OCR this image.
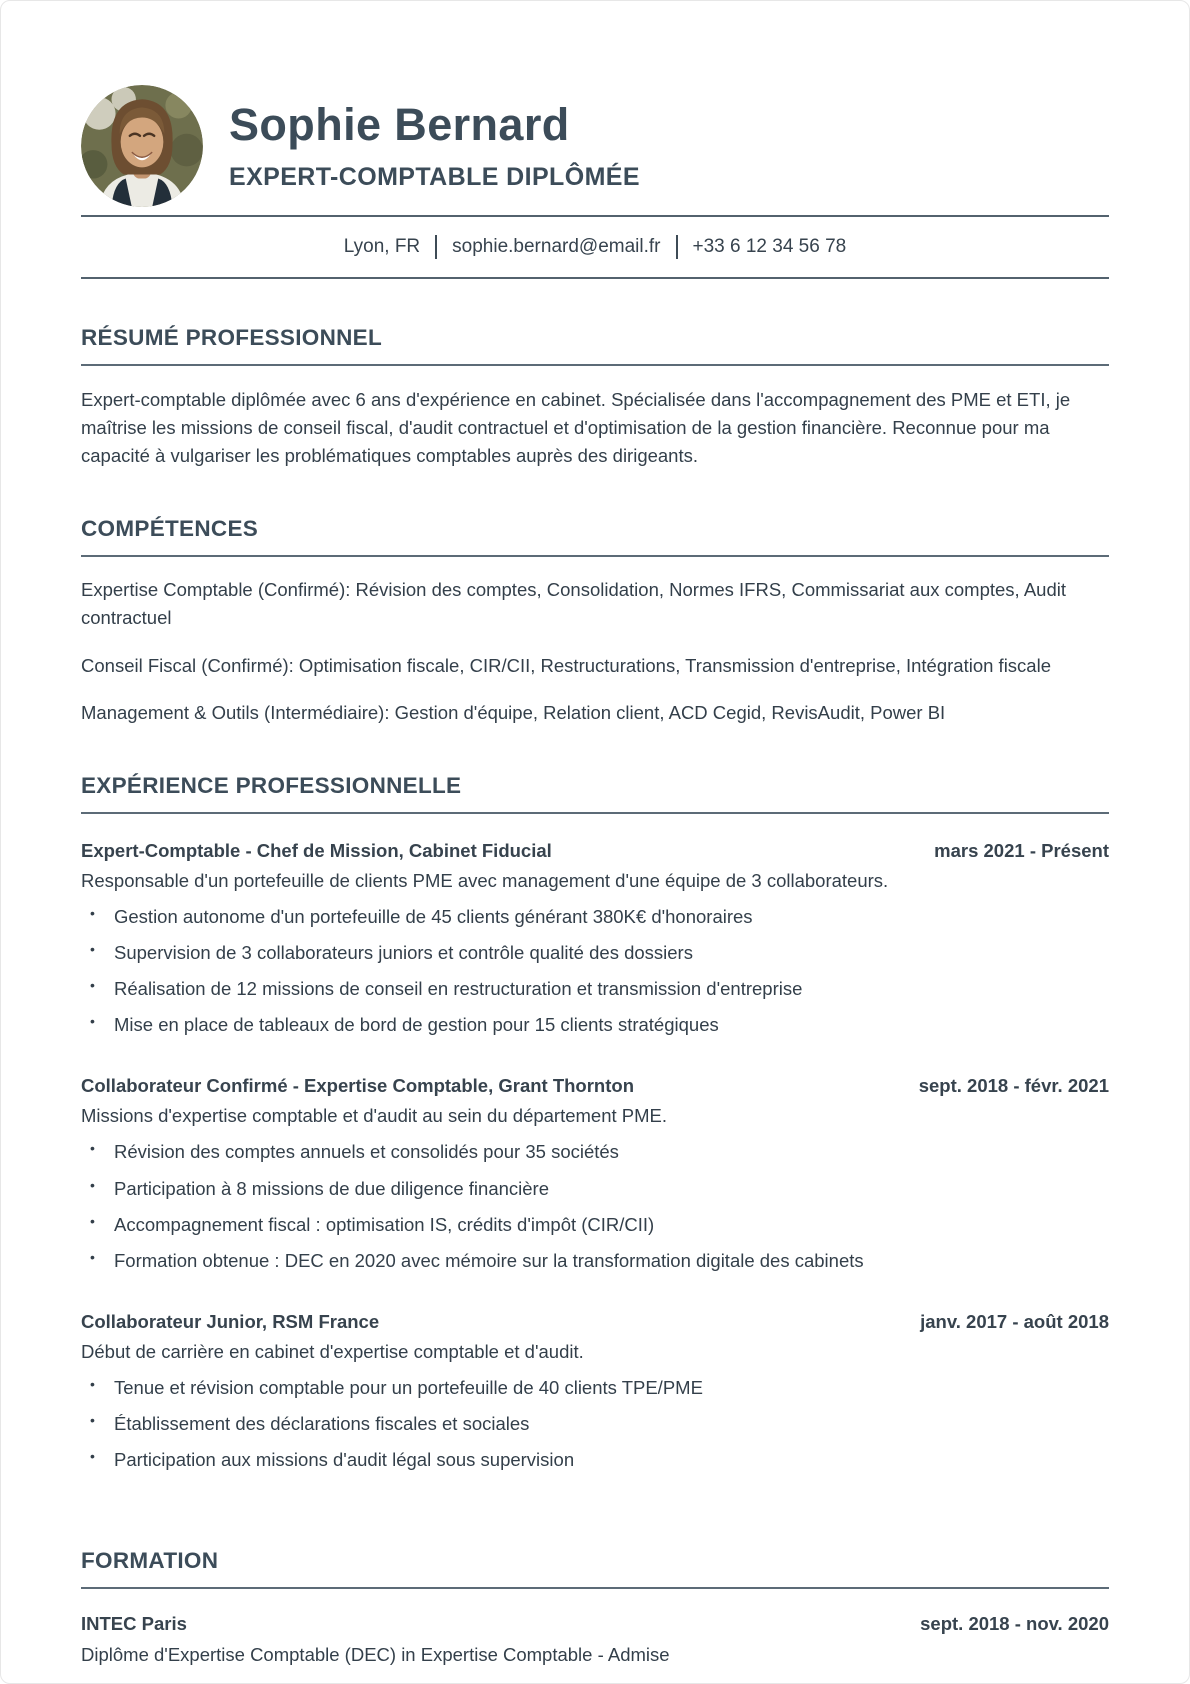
Sophie Bernard
EXPERT-COMPTABLE DIPLÔMÉE
Lyon, FR sophie.bernard@email.fr +33 6 12 34 56 78
RÉSUMÉ PROFESSIONNEL

Expert-comptable diplômée avec 6 ans d'expérience en cabinet. Spécialisée dans l'accompagnement des PME et ETI, je maîtrise les missions de conseil fiscal, d'audit contractuel et d'optimisation de la gestion financière. Reconnue pour ma capacité à vulgariser les problématiques comptables auprès des dirigeants.

COMPÉTENCES

Expertise Comptable (Confirmé): Révision des comptes, Consolidation, Normes IFRS, Commissariat aux comptes, Audit contractuel

Conseil Fiscal (Confirmé): Optimisation fiscale, CIR/CII, Restructurations, Transmission d'entreprise, Intégration fiscale

Management & Outils (Intermédiaire): Gestion d'équipe, Relation client, ACD Cegid, RevisAudit, Power BI

EXPÉRIENCE PROFESSIONNELLE
Expert-Comptable - Chef de Mission, Cabinet Fiducial	mars 2021 - Présent

Responsable d'un portefeuille de clients PME avec management d'une équipe de 3 collaborateurs.

•	Gestion autonome d'un portefeuille de 45 clients générant 380K€ d'honoraires
•	Supervision de 3 collaborateurs juniors et contrôle qualité des dossiers
•	Réalisation de 12 missions de conseil en restructuration et transmission d'entreprise
•	Mise en place de tableaux de bord de gestion pour 15 clients stratégiques
Collaborateur Confirmé - Expertise Comptable, Grant Thornton	sept. 2018 - févr. 2021

Missions d'expertise comptable et d'audit au sein du département PME.

•	Révision des comptes annuels et consolidés pour 35 sociétés
•	Participation à 8 missions de due diligence financière
•	Accompagnement fiscal : optimisation IS, crédits d'impôt (CIR/CII)
•	Formation obtenue : DEC en 2020 avec mémoire sur la transformation digitale des cabinets
Collaborateur Junior, RSM France	janv. 2017 - août 2018

Début de carrière en cabinet d'expertise comptable et d'audit.

•	Tenue et révision comptable pour un portefeuille de 40 clients TPE/PME
•	Établissement des déclarations fiscales et sociales
•	Participation aux missions d'audit légal sous supervision
FORMATION
INTEC Paris	sept. 2018 - nov. 2020

Diplôme d'Expertise Comptable (DEC) in Expertise Comptable - Admise
